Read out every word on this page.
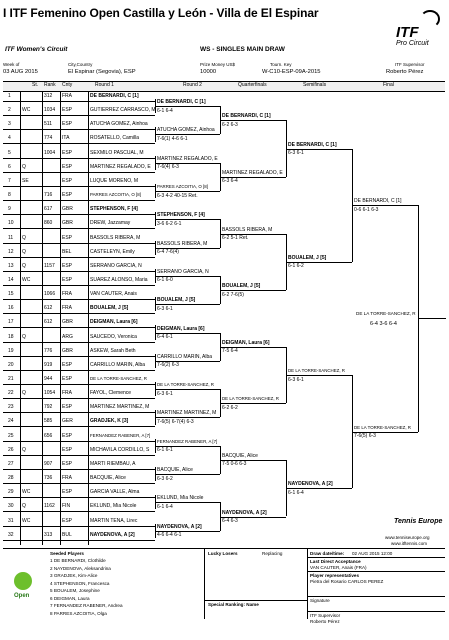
I ITF Femenino Open Castilla y León - Villa de El Espinar
ITF Women's Circuit	WS - SINGLES MAIN DRAW
ITF
Pro Circuit
Week of	City,Country	Prize Money US$	Tourn. Key	ITF Supervisor
03 AUG 2015	El Espinar (Segovia), ESP	10000	W-C10-ESP-09A-2015	Roberto Pérez
St. Rank Cnty	Round 1	Round 2	Quarterfinals	Semifinals	Final
1	312 FRA	DE BERNARDI, C [1]
2 WC	1034 ESP	GUTIERREZ CARRASCO, M
3	511 ESP	ATUCHA GOMEZ, Ainhoa
4	774 ITA	ROSATELLO, Camilla
5	1004 ESP	SEXMILO PASCUAL, M
6 Q	ESP	MARTINEZ REGALADO, E
7 SE	ESP	LUQUE MORENO, M
8	716 ESP	PARRES AZCOITIA, O [8]
9	617 GBR	STEPHENSON, F [4]
10	860 GBR	DREW, Jazzamay
11 Q	ESP	BASSOLS RIBERA, M
12 Q	BEL	CASTELEYN, Emily
13 Q	1157 ESP	SERRANO GARCIA, N
14 WC	ESP	SUAREZ ALONSO, Maria
15	1066 FRA	VAN CAUTER, Anais
16	612 FRA	BOUALEM, J [5]
17	612 GBR	DEIGMAN, Laura [6]
18 Q	ARG	SAUCEDO, Veronica
19	776 GBR	ASKEW, Sarah Beth
20	919 ESP	CARRILLO MARIN, Alba
21	944 ESP	DE LA TORRE-SANCHEZ, R
22 Q	1054 FRA	FAYOL, Clemence
23	792 ESP	MARTINEZ MARTINEZ, M
24	585 GER	GRADJEK, K [3]
25	656 ESP	FERNANDEZ RABENER, A [7]
26 Q	ESP	MICHAVILA CORDILLO, S
27	907 ESP	MARTI RIEMBAU, A
28	736 FRA	BACQUIE, Alice
29 WC	ESP	GARCIA VALLE, Alma
30 Q	1162 FIN	EKLUND, Mia Nicole
31 WC	ESP	MARTIN TENA, Lirec
32	313 BUL	NAYDENOVA, A [2]
DE BERNARDI, C [1]
6-1 6-4
ATUCHA GOMEZ, Ainhoa
7-6(1) 4-6 6-1
MARTINEZ REGALADO, E
7-6(4) 6-3
PARRES AZCOITIA, O [8]
6-3 4-2 40-15 Ret.
STEPHENSON, F [4]
3-6 6-2 6-1
BASSOLS RIBERA, M
6-4 7-6(4)
SERRANO GARCIA, N
6-1 6-0
BOUALEM, J [5]
6-3 6-1
DEIGMAN, Laura [6]
6-4 6-1
CARRILLO MARIN, Alba
7-6(2) 6-3
DE LA TORRE-SANCHEZ, R
6-3 6-1
MARTINEZ MARTINEZ, M
7-6(5) 6-7(4) 6-3
FERNANDEZ RABENER, A [7]
6-1 6-1
BACQUIE, Alice
6-3 6-2
EKLUND, Mia Nicole
6-1 6-4
NAYDENOVA, A [2]
4-6 6-4 6-1
DE BERNARDI, C [1]
6-2 6-3
MARTINEZ REGALADO, E
6-3 6-4
BASSOLS RIBERA, M
6-2 5-1 Ret.
BOUALEM, J [5]
6-2 7-6(5)
DEIGMAN, Laura [6]
7-5 6-4
DE LA TORRE-SANCHEZ, R
6-2 6-2
BACQUIE, Alice
7-5 0-6 6-3
NAYDENOVA, A [2]
6-4 6-3
DE BERNARDI, C [1]
6-3 6-1
BOUALEM, J [5]
6-1 6-2
DE LA TORRE-SANCHEZ, R
6-3 6-1
NAYDENOVA, A [2]
6-1 6-4
DE BERNARDI, C [1]
0-6 6-1 6-3
DE LA TORRE-SANCHEZ, R
7-6(5) 6-3
DE LA TORRE-SANCHEZ, R
6-4 3-6 6-4
Seeded Players
1 DE BERNARDI, Clothilde
2 NAYDENOVA, Aleksandrina
3 GRADJEK, Kim-Alice
4 STEPHENSON, Francesca
5 BOUALEM, Josephine
6 DEIGMAN, Laura
7 FERNANDEZ RABENER, Andrea
8 PARRES AZCOITIA, Olga
Lucky Losers	Replacing
Special Ranking: Name
Draw date/time: 02 AUG 2015 12:00
Last Direct Acceptance
VAN CAUTER, Anais (FRA)
Player representatives
Pietra del Rosario CARLOS PEREZ
Signature
ITF Supervisor
Roberto Pérez
Open
Tennis Europe
www.tenniseurope.org
www.itftennis.com
